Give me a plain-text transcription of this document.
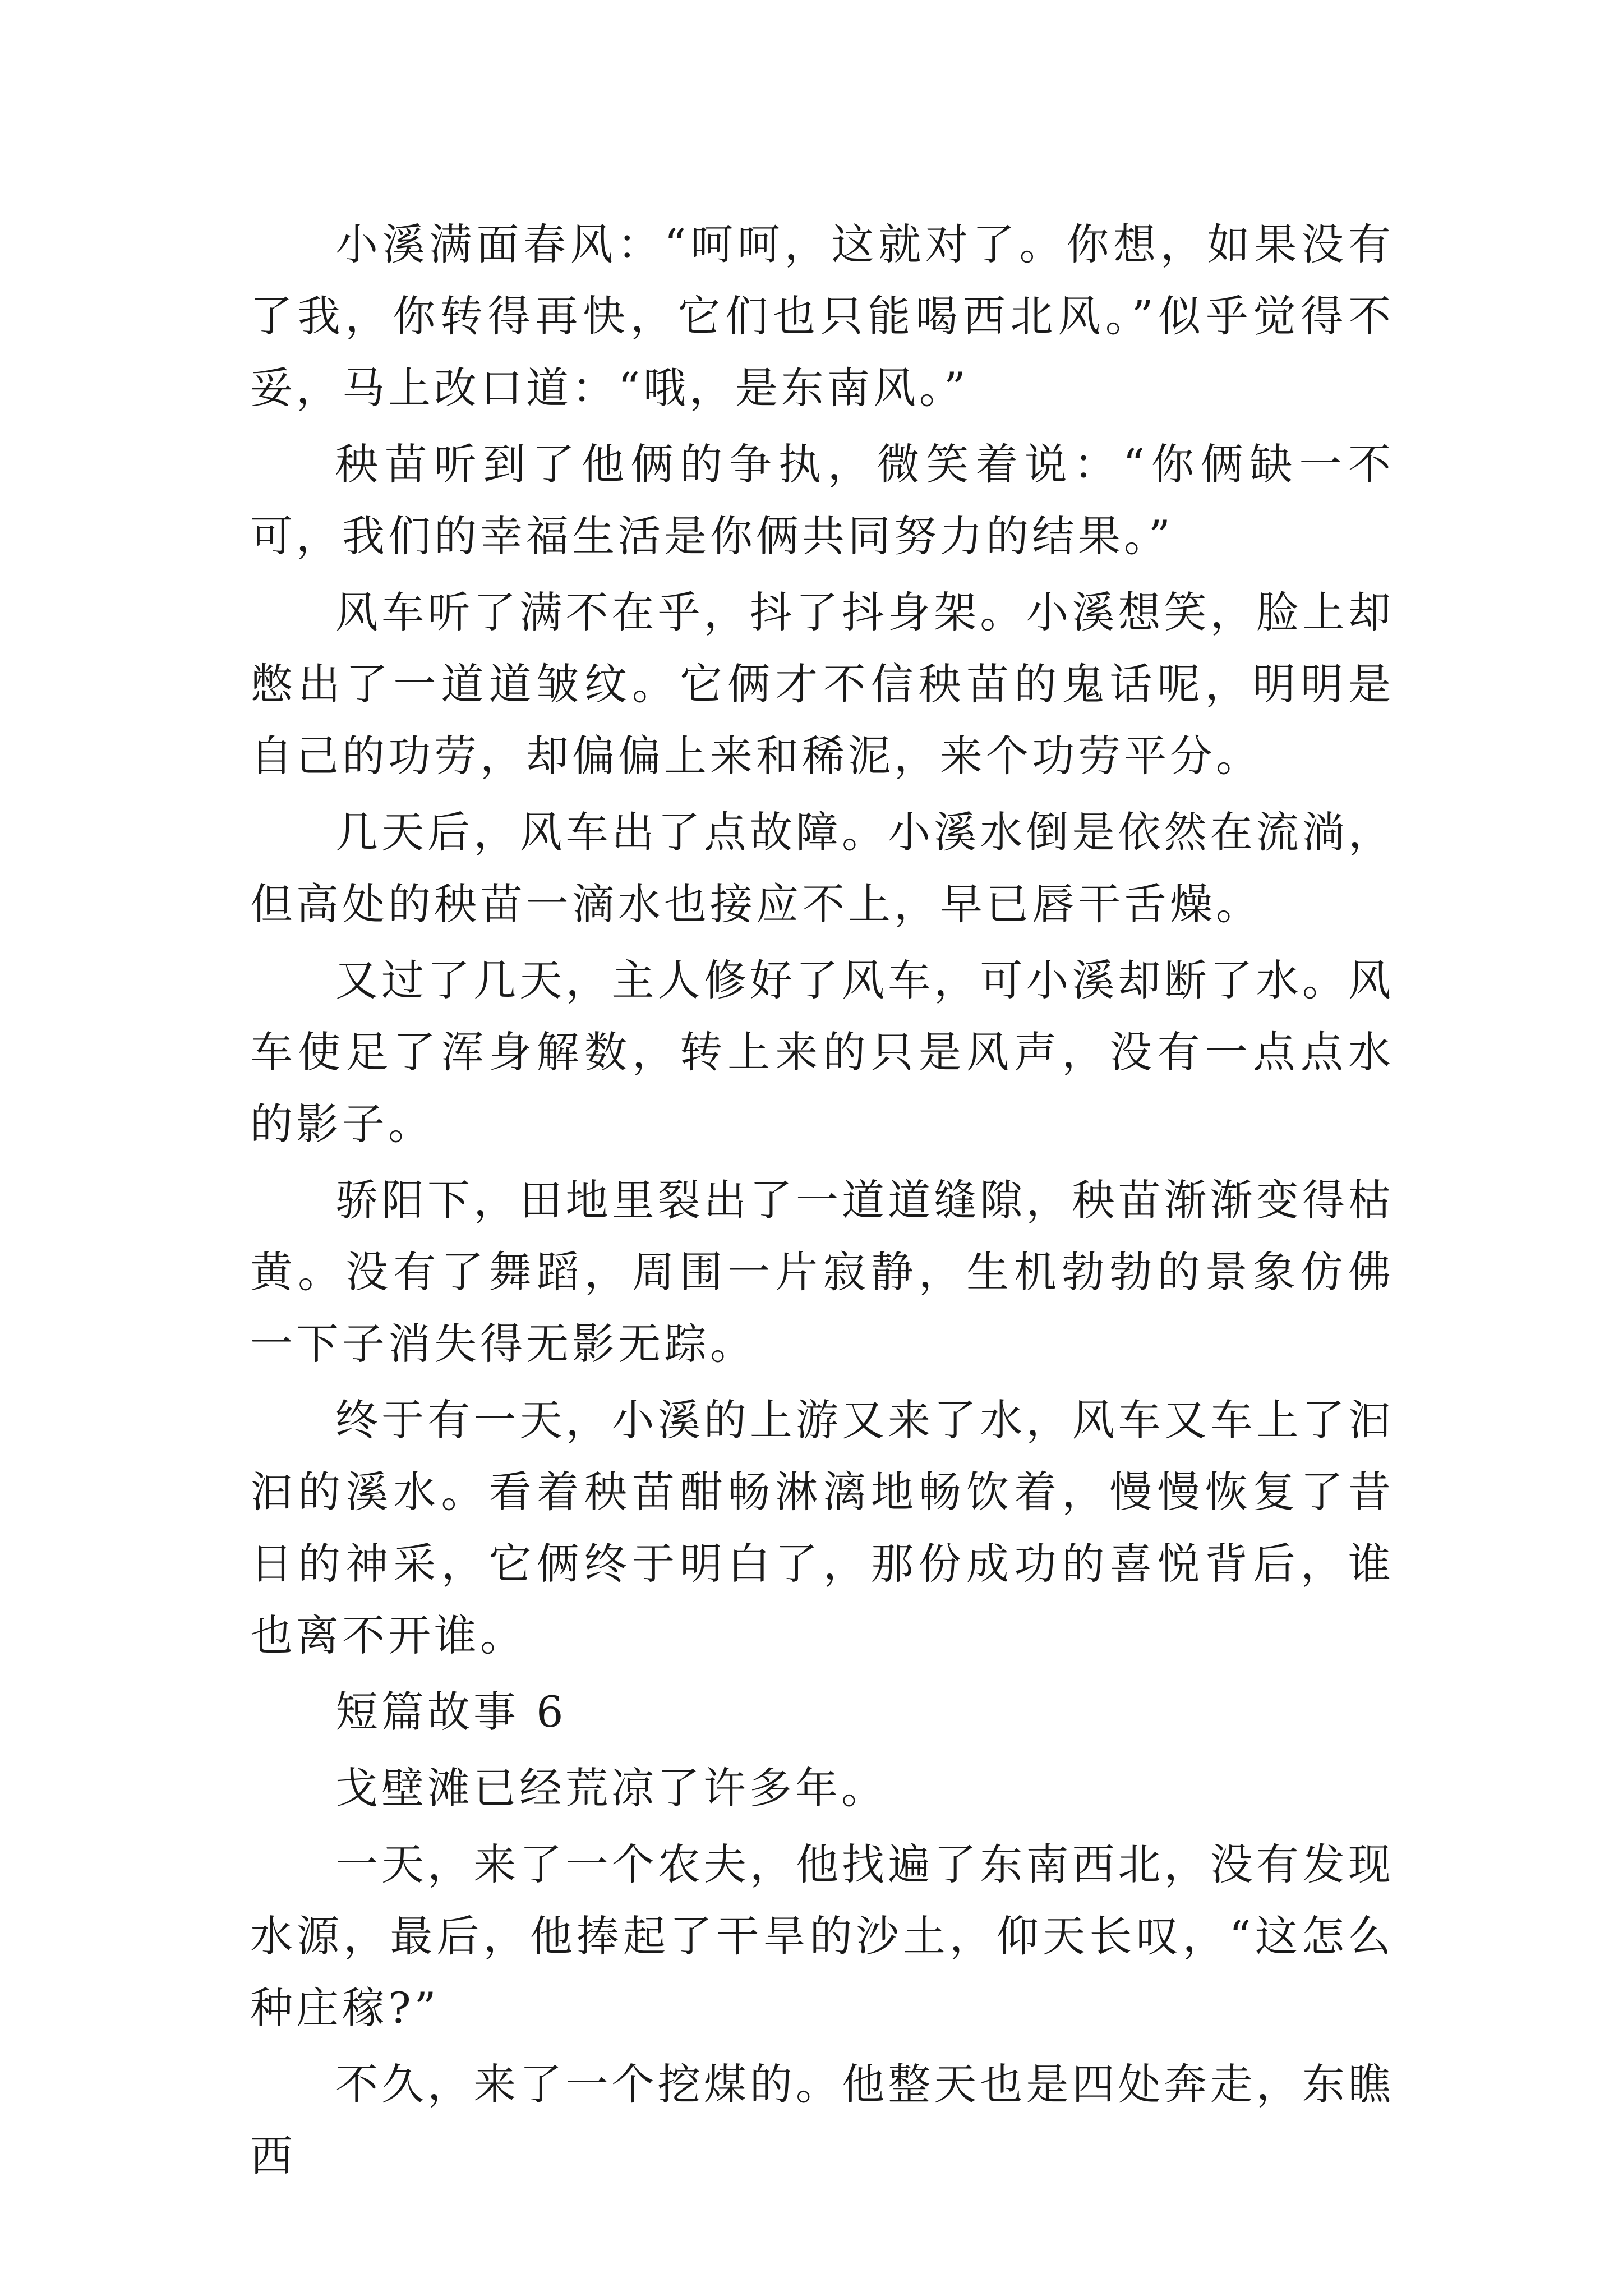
小溪满面春风：“呵呵，这就对了。你想，如果没有了我，你转得再快，它们也只能喝西北风。”似乎觉得不妥，马上改口道：“哦，是东南风。”

秧苗听到了他俩的争执，微笑着说：“你俩缺一不可，我们的幸福生活是你俩共同努力的结果。”

风车听了满不在乎，抖了抖身架。小溪想笑，脸上却憋出了一道道皱纹。它俩才不信秧苗的鬼话呢，明明是自己的功劳，却偏偏上来和稀泥，来个功劳平分。

几天后，风车出了点故障。小溪水倒是依然在流淌，但高处的秧苗一滴水也接应不上，早已唇干舌燥。

又过了几天，主人修好了风车，可小溪却断了水。风车使足了浑身解数，转上来的只是风声，没有一点点水的影子。

骄阳下，田地里裂出了一道道缝隙，秧苗渐渐变得枯黄。没有了舞蹈，周围一片寂静，生机勃勃的景象仿佛一下子消失得无影无踪。

终于有一天，小溪的上游又来了水，风车又车上了汩汩的溪水。看着秧苗酣畅淋漓地畅饮着，慢慢恢复了昔日的神采，它俩终于明白了，那份成功的喜悦背后，谁也离不开谁。

短篇故事 6

戈壁滩已经荒凉了许多年。

一天，来了一个农夫，他找遍了东南西北，没有发现水源，最后，他捧起了干旱的沙土，仰天长叹，“这怎么种庄稼?”

不久，来了一个挖煤的。他整天也是四处奔走，东瞧西
